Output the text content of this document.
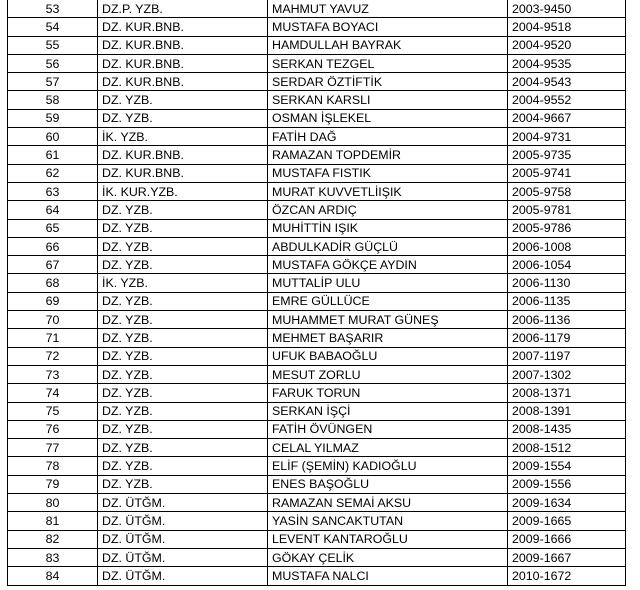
53	DZ.P. YZB.	MAHMUT YAVUZ	2003-9450
54	DZ. KUR.BNB.	MUSTAFA BOYACI	2004-9518
55	DZ. KUR.BNB.	HAMDULLAH BAYRAK	2004-9520
56	DZ. KUR.BNB.	SERKAN TEZGEL	2004-9535
57	DZ. KUR.BNB.	SERDAR ÖZTİFTİK	2004-9543
58	DZ. YZB.	SERKAN KARSLI	2004-9552
59	DZ. YZB.	OSMAN İŞLEKEL	2004-9667
60	İK. YZB.	FATİH DAĞ	2004-9731
61	DZ. KUR.BNB.	RAMAZAN TOPDEMİR	2005-9735
62	DZ. KUR.BNB.	MUSTAFA FISTIK	2005-9741
63	İK. KUR.YZB.	MURAT KUVVETLİIŞIK	2005-9758
64	DZ. YZB.	ÖZCAN ARDIÇ	2005-9781
65	DZ. YZB.	MUHİTTİN IŞIK	2005-9786
66	DZ. YZB.	ABDULKADİR GÜÇLÜ	2006-1008
67	DZ. YZB.	MUSTAFA GÖKÇE AYDIN	2006-1054
68	İK. YZB.	MUTTALİP ULU	2006-1130
69	DZ. YZB.	EMRE GÜLLÜCE	2006-1135
70	DZ. YZB.	MUHAMMET MURAT GÜNEŞ	2006-1136
71	DZ. YZB.	MEHMET BAŞARIR	2006-1179
72	DZ. YZB.	UFUK BABAOĞLU	2007-1197
73	DZ. YZB.	MESUT ZORLU	2007-1302
74	DZ. YZB.	FARUK TORUN	2008-1371
75	DZ. YZB.	SERKAN İŞÇİ	2008-1391
76	DZ. YZB.	FATİH ÖVÜNGEN	2008-1435
77	DZ. YZB.	CELAL YILMAZ	2008-1512
78	DZ. YZB.	ELİF (ŞEMİN) KADIOĞLU	2009-1554
79	DZ. YZB.	ENES BAŞOĞLU	2009-1556
80	DZ. ÜTĞM.	RAMAZAN SEMAİ AKSU	2009-1634
81	DZ. ÜTĞM.	YASİN SANCAKTUTAN	2009-1665
82	DZ. ÜTĞM.	LEVENT KANTAROĞLU	2009-1666
83	DZ. ÜTĞM.	GÖKAY ÇELİK	2009-1667
84	DZ. ÜTĞM.	MUSTAFA NALCI	2010-1672
